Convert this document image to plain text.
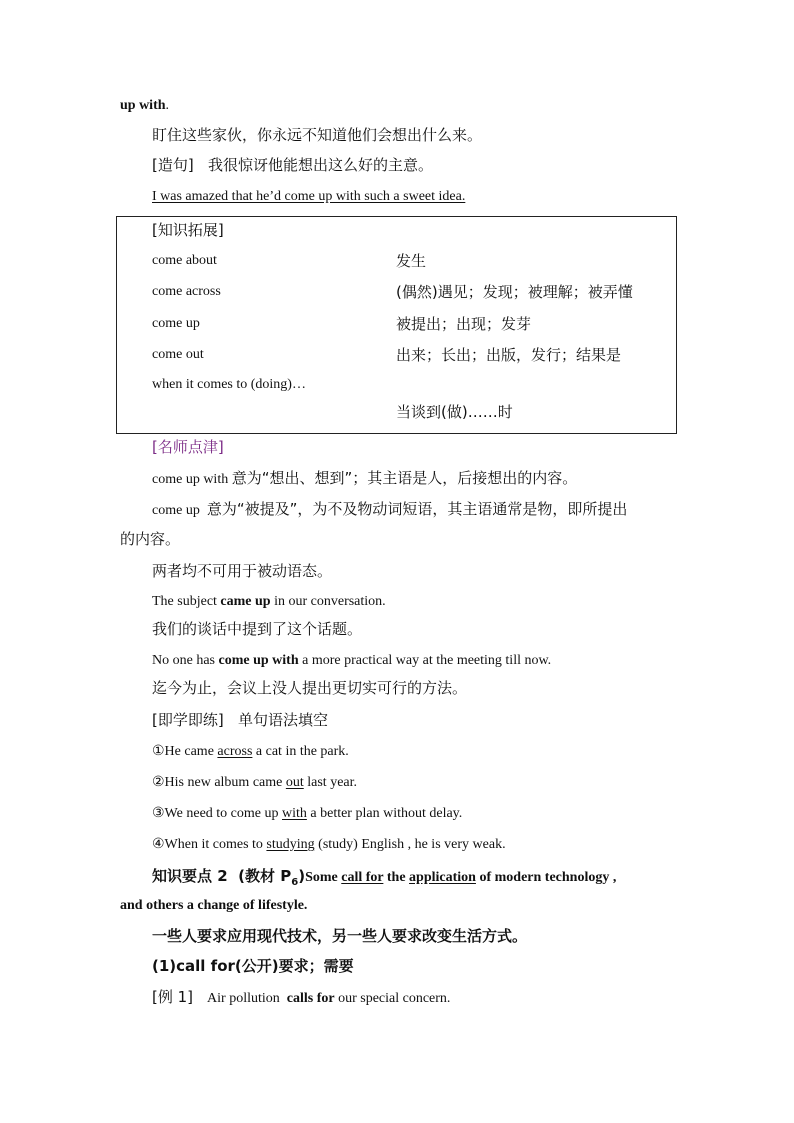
up with.
盯住这些家伙，你永远不知道他们会想出什么来。
[造句] 我很惊讶他能想出这么好的主意。
I was amazed that he’d come up with such a sweet idea.
[知识拓展]
come about	发生
come across	(偶然)遇见；发现；被理解；被弄懂
come up	被提出；出现；发芽
come out	出来；长出；出版，发行；结果是
when it comes to (doing)…
当谈到(做)……时
[名师点津]
come up with 意为“想出、想到”；其主语是人，后接想出的内容。
come up 意为“被提及”，为不及物动词短语，其主语通常是物，即所提出
的内容。
两者均不可用于被动语态。
The subject came up in our conversation.
我们的谈话中提到了这个话题。
No one has come up with a more practical way at the meeting till now.
迄今为止，会议上没人提出更切实可行的方法。
[即学即练] 单句语法填空
①He came across a cat in the park.
②His new album came out last year.
③We need to come up with a better plan without delay.
④When it comes to studying (study) English , he is very weak.
知识要点 2 (教材 $P_6)Some$ call for the application of modern technology ,
and others a change of lifestyle.
一些人要求应用现代技术，另一些人要求改变生活方式。
(1)call for(公开)要求；需要
[例 1] Air pollution calls for our special concern.
